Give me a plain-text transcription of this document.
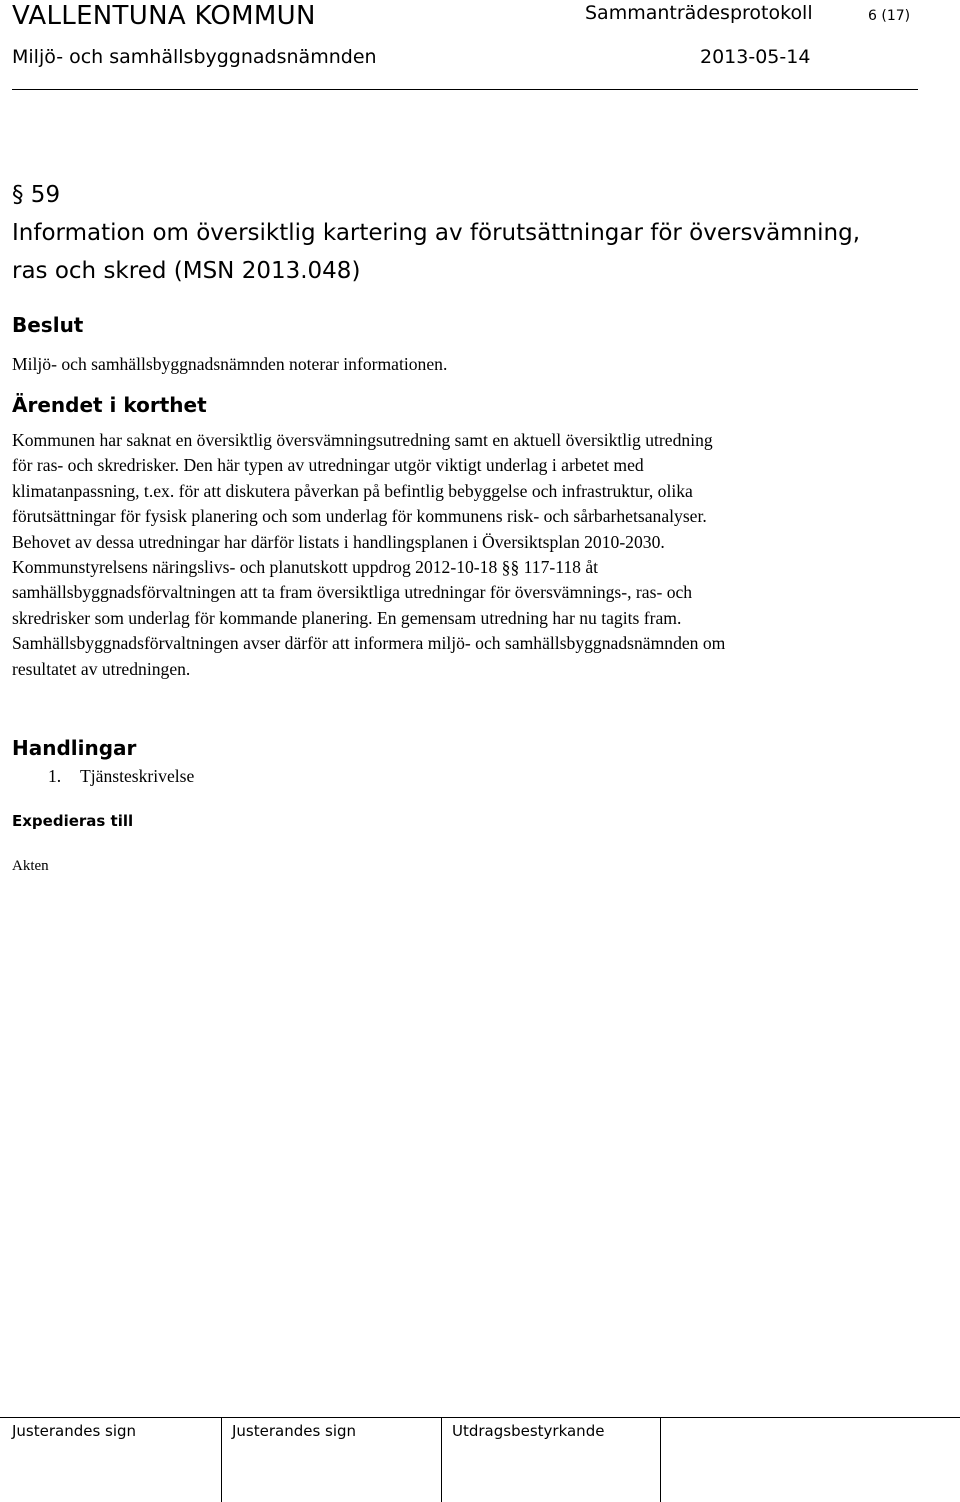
VALLENTUNA KOMMUN	Sammanträdesprotokoll	6 (17)
Miljö- och samhällsbyggnadsnämnden	2013-05-14
§ 59
Information om översiktlig kartering av förutsättningar för översvämning,
ras och skred (MSN 2013.048)
Beslut
Miljö- och samhällsbyggnadsnämnden noterar informationen.
Ärendet i korthet
Kommunen har saknat en översiktlig översvämningsutredning samt en aktuell översiktlig utredning
för ras- och skredrisker. Den här typen av utredningar utgör viktigt underlag i arbetet med
klimatanpassning, t.ex. för att diskutera påverkan på befintlig bebyggelse och infrastruktur, olika
förutsättningar för fysisk planering och som underlag för kommunens risk- och sårbarhetsanalyser.
Behovet av dessa utredningar har därför listats i handlingsplanen i Översiktsplan 2010-2030.
Kommunstyrelsens näringslivs- och planutskott uppdrog 2012-10-18 §§ 117-118 åt
samhällsbyggnadsförvaltningen att ta fram översiktliga utredningar för översvämnings-, ras- och
skredrisker som underlag för kommande planering. En gemensam utredning har nu tagits fram.
Samhällsbyggnadsförvaltningen avser därför att informera miljö- och samhällsbyggnadsnämnden om
resultatet av utredningen.
Handlingar
1. Tjänsteskrivelse
Expedieras till
Akten
Justerandes sign	Justerandes sign	Utdragsbestyrkande
